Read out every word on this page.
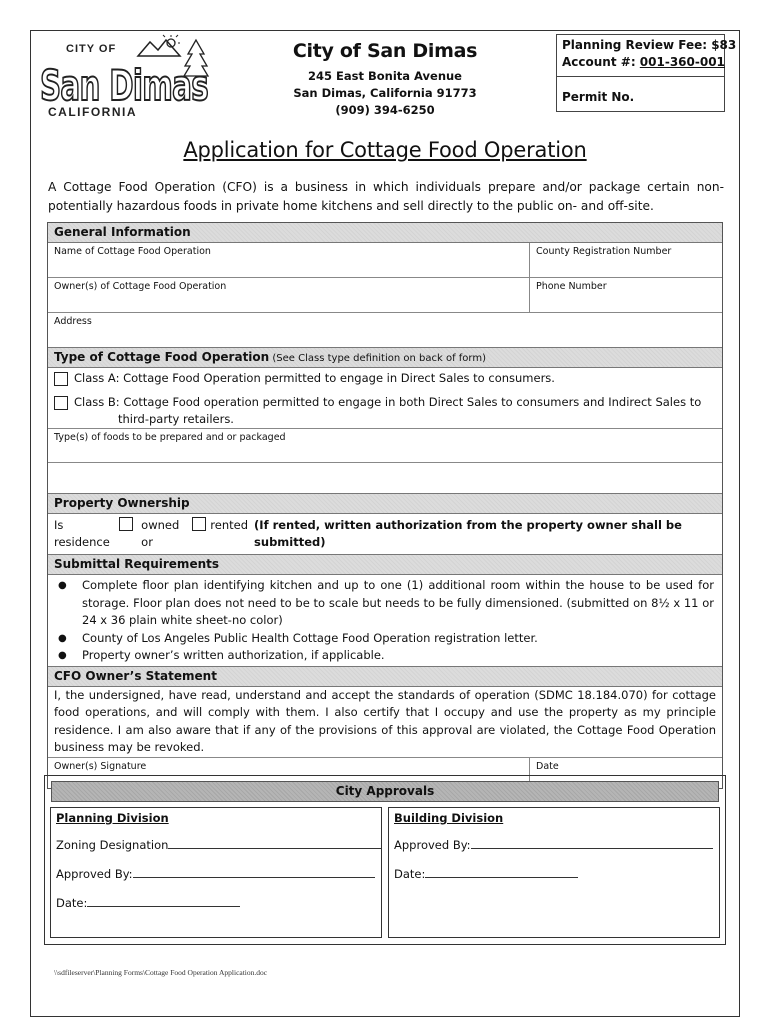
CITY OF
San Dimas
CALIFORNIA
City of San Dimas
245 East Bonita Avenue
San Dimas, California 91773
(909) 394-6250
Planning Review Fee: $83
Account #: 001-360-001
Permit No.
Application for Cottage Food Operation
A Cottage Food Operation (CFO) is a business in which individuals prepare and/or package certain non-potentially hazardous foods in private home kitchens and sell directly to the public on- and off-site.
General Information
Name of Cottage Food Operation	County Registration Number
Owner(s) of Cottage Food Operation	Phone Number
Address
Type of Cottage Food Operation (See Class type definition on back of form)
Class A: Cottage Food Operation permitted to engage in Direct Sales to consumers.
Class B: Cottage Food operation permitted to engage in both Direct Sales to consumers and Indirect Sales to
third-party retailers.
Type(s) of foods to be prepared and or packaged
Property Ownership
Is residence
owned or
rented (If rented, written authorization from the property owner shall be submitted)
Submittal Requirements
●	Complete floor plan identifying kitchen and up to one (1) additional room within the house to be used for storage. Floor plan does not need to be to scale but needs to be fully dimensioned. (submitted on 8½ x 11 or 24 x 36 plain white sheet-no color)
●	County of Los Angeles Public Health Cottage Food Operation registration letter.
●	Property owner’s written authorization, if applicable.
CFO Owner’s Statement
I, the undersigned, have read, understand and accept the standards of operation (SDMC 18.184.070) for cottage food operations, and will comply with them. I also certify that I occupy and use the property as my principle residence. I am also aware that if any of the provisions of this approval are violated, the Cottage Food Operation business may be revoked.
Owner(s) Signature	Date
City Approvals
Planning Division
Zoning Designation
Approved By:
Date:
Building Division
Approved By:
Date:
\\sdfileserver\Planning Forms\Cottage Food Operation Application.doc
